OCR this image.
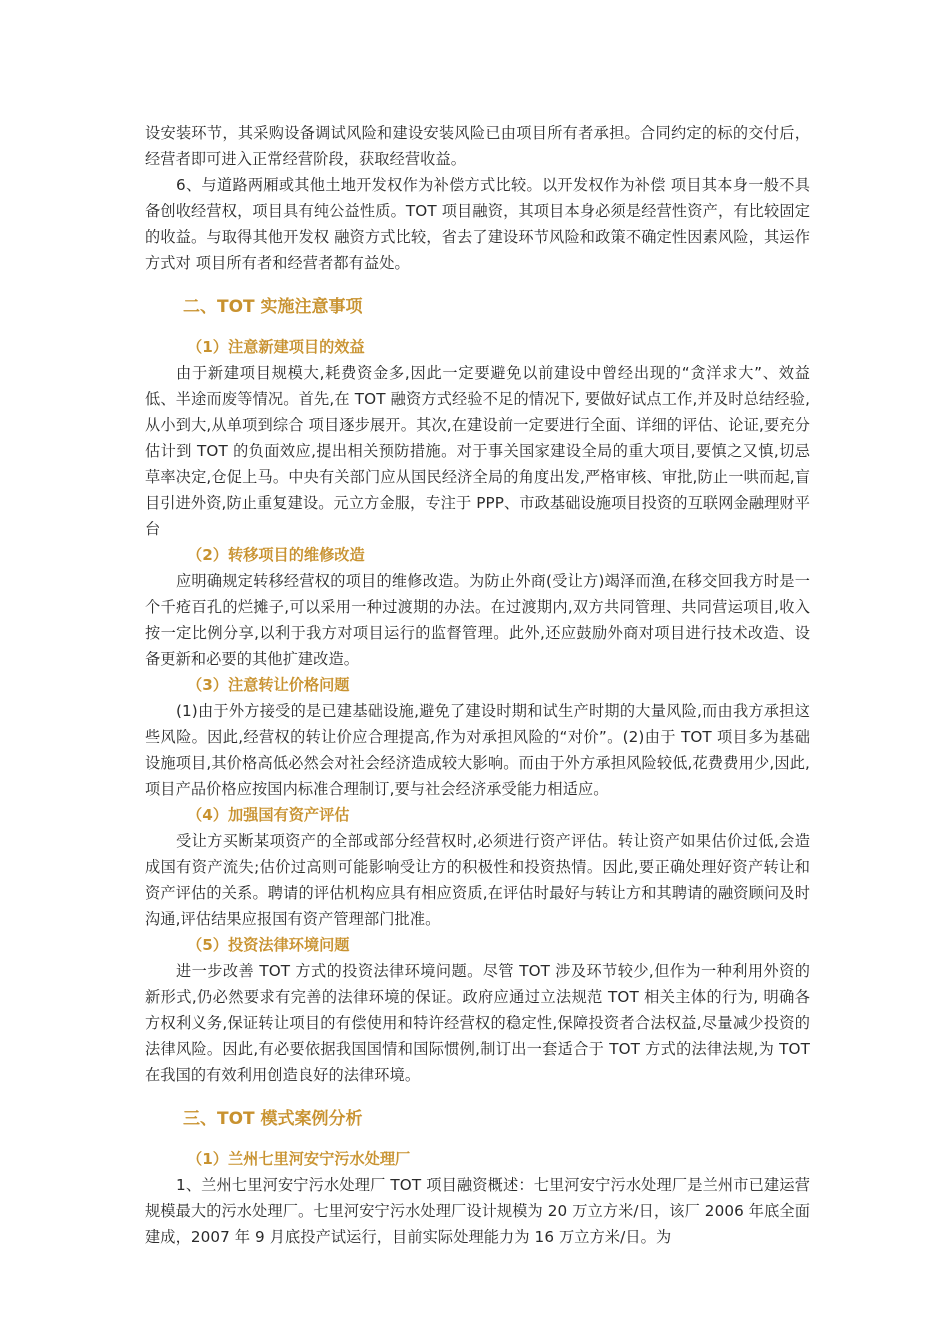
设安装环节，其采购设备调试风险和建设安装风险已由项目所有者承担。合同约定的标的交付后，经营者即可进入正常经营阶段，获取经营收益。

6、与道路两厢或其他土地开发权作为补偿方式比较。以开发权作为补偿 项目其本身一般不具备创收经营权，项目具有纯公益性质。TOT 项目融资，其项目本身必须是经营性资产，有比较固定的收益。与取得其他开发权 融资方式比较，省去了建设环节风险和政策不确定性因素风险，其运作方式对 项目所有者和经营者都有益处。

二、TOT 实施注意事项
（1）注意新建项目的效益

由于新建项目规模大,耗费资金多,因此一定要避免以前建设中曾经出现的“贪洋求大”、效益低、半途而废等情况。首先,在 TOT 融资方式经验不足的情况下, 要做好试点工作,并及时总结经验,从小到大,从单项到综合 项目逐步展开。其次,在建设前一定要进行全面、详细的评估、论证,要充分估计到 TOT 的负面效应,提出相关预防措施。对于事关国家建设全局的重大项目,要慎之又慎,切忌草率决定,仓促上马。中央有关部门应从国民经济全局的角度出发,严格审核、审批,防止一哄而起,盲目引进外资,防止重复建设。元立方金服，专注于 PPP、市政基础设施项目投资的互联网金融理财平台

（2）转移项目的维修改造

应明确规定转移经营权的项目的维修改造。为防止外商(受让方)竭泽而渔,在移交回我方时是一个千疮百孔的烂摊子,可以采用一种过渡期的办法。在过渡期内,双方共同管理、共同营运项目,收入按一定比例分享,以利于我方对项目运行的监督管理。此外,还应鼓励外商对项目进行技术改造、设备更新和必要的其他扩建改造。

（3）注意转让价格问题

(1)由于外方接受的是已建基础设施,避免了建设时期和试生产时期的大量风险,而由我方承担这些风险。因此,经营权的转让价应合理提高,作为对承担风险的“对价”。(2)由于 TOT 项目多为基础设施项目,其价格高低必然会对社会经济造成较大影响。而由于外方承担风险较低,花费费用少,因此,项目产品价格应按国内标准合理制订,要与社会经济承受能力相适应。

（4）加强国有资产评估

受让方买断某项资产的全部或部分经营权时,必须进行资产评估。转让资产如果估价过低,会造成国有资产流失;估价过高则可能影响受让方的积极性和投资热情。因此,要正确处理好资产转让和资产评估的关系。聘请的评估机构应具有相应资质,在评估时最好与转让方和其聘请的融资顾问及时沟通,评估结果应报国有资产管理部门批准。

（5）投资法律环境问题

进一步改善 TOT 方式的投资法律环境问题。尽管 TOT 涉及环节较少,但作为一种利用外资的新形式,仍必然要求有完善的法律环境的保证。政府应通过立法规范 TOT 相关主体的行为, 明确各方权利义务,保证转让项目的有偿使用和特许经营权的稳定性,保障投资者合法权益,尽量减少投资的法律风险。因此,有必要依据我国国情和国际惯例,制订出一套适合于 TOT 方式的法律法规,为 TOT 在我国的有效利用创造良好的法律环境。

三、TOT 模式案例分析
（1）兰州七里河安宁污水处理厂

1、兰州七里河安宁污水处理厂 TOT 项目融资概述：七里河安宁污水处理厂是兰州市已建运营规模最大的污水处理厂。七里河安宁污水处理厂设计规模为 20 万立方米/日，该厂 2006 年底全面建成，2007 年 9 月底投产试运行，目前实际处理能力为 16 万立方米/日。为
